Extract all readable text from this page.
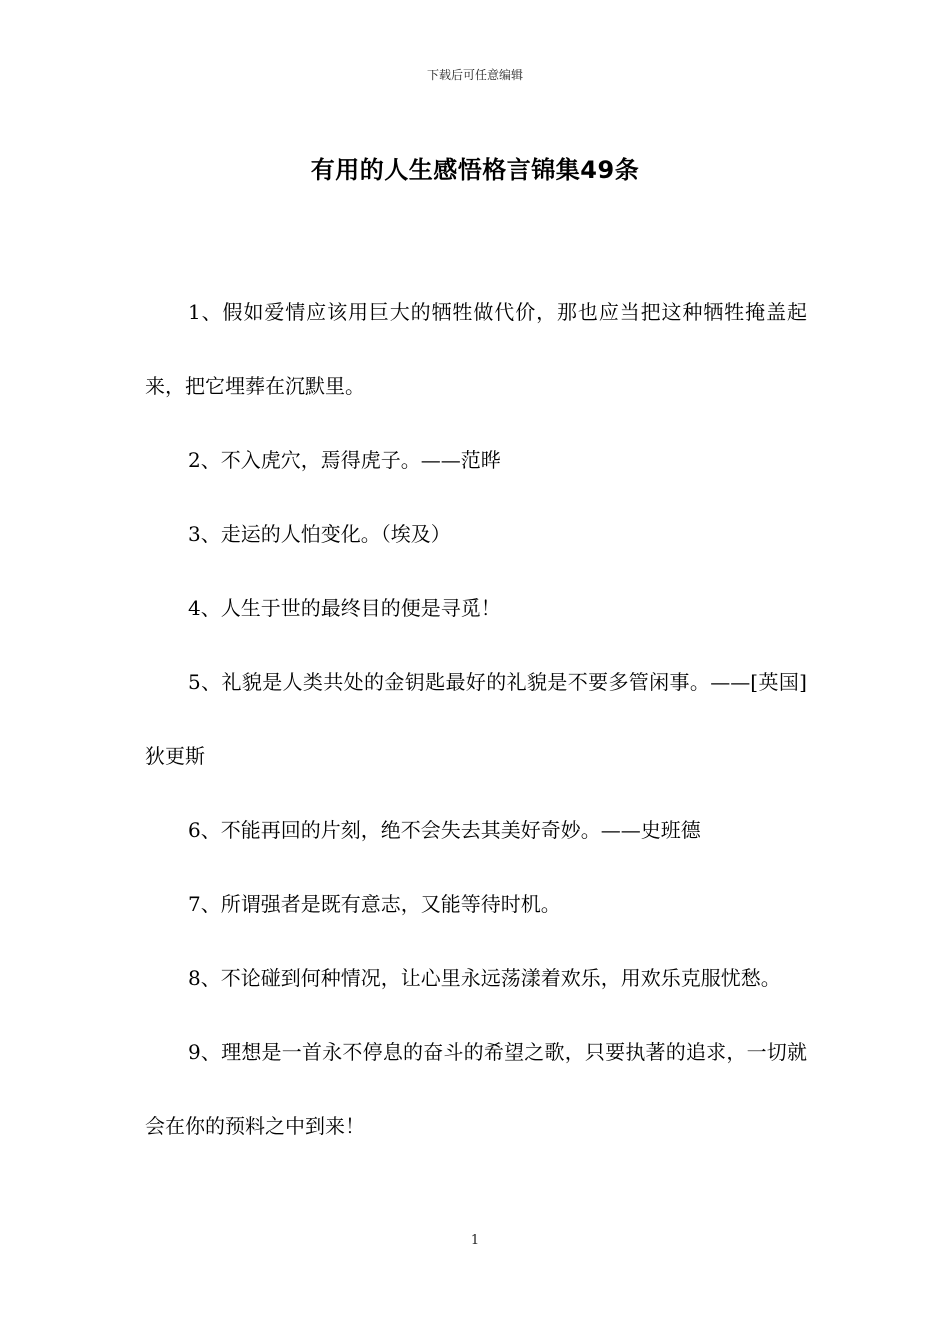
下载后可任意编辑
有用的人生感悟格言锦集49条

1、假如爱情应该用巨大的牺牲做代价，那也应当把这种牺牲掩盖起来，把它埋葬在沉默里。

2、不入虎穴，焉得虎子。——范晔

3、走运的人怕变化。（埃及）

4、人生于世的最终目的便是寻觅！

5、礼貌是人类共处的金钥匙最好的礼貌是不要多管闲事。——[英国]狄更斯

6、不能再回的片刻，绝不会失去其美好奇妙。——史班德

7、所谓强者是既有意志，又能等待时机。

8、不论碰到何种情况，让心里永远荡漾着欢乐，用欢乐克服忧愁。

9、理想是一首永不停息的奋斗的希望之歌，只要执著的追求，一切就会在你的预料之中到来！

1
